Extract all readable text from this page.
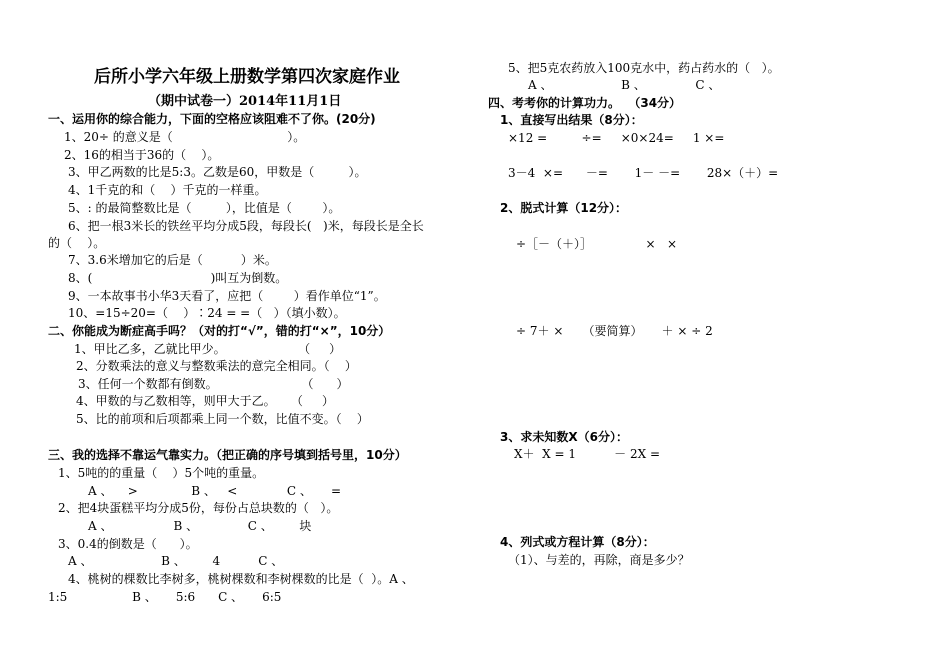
后所小学六年级上册数学第四次家庭作业
（期中试卷一）2014年11月1日
一、运用你的综合能力，下面的空格应该阻难不了你。(20分)
1、20÷ 的意义是（                              ）。
2、16的相当于36的（    ）。
3、甲乙两数的比是5:3。乙数是60，甲数是（         ）。
4、1千克的和（    ）千克的一样重。
5、: 的最简整数比是（         ），比值是（        ）。
6、把一根3米长的铁丝平均分成5段，每段长(   )米，每段长是全长
的（    ）。
7、3.6米增加它的后是（          ）米。
8、(                               )叫互为倒数。
9、一本故事书小华3天看了，应把（        ）看作单位“1”。
10、=15÷20=（    ）∶24 = =（   ）（填小数）。
二、你能成为断症高手吗？（对的打“√”，错的打“×”，10分）
1、甲比乙多，乙就比甲少。                   （     ）
2、分数乘法的意义与整数乘法的意完全相同。（    ）
3、任何一个数都有倒数。                      （      ）
4、甲数的与乙数相等，则甲大于乙。    （     ）
5、比的前项和后项都乘上同一个数，比值不变。（    ）
三、我的选择不靠运气靠实力。（把正确的序号填到括号里，10分）
1、5吨的的重量（    ）5个吨的重量。
A 、    >              B 、   <             C 、     =
2、把4块蛋糕平均分成5份，每份占总块数的（   ）。
A 、                B 、             C 、       块
3、0.4的倒数是（      ）。
A 、                  B 、       4          C 、
4、桃树的棵数比李树多，桃树棵数和李树棵数的比是（  ）。A 、
1:5                 B 、     5:6      C 、     6:5
5、把5克农药放入100克水中，药占药水的（   ）。
A 、                  B 、             C 、
四、考考你的计算功力。  （34分）
1、直接写出结果（8分）：
×12 =         ÷=     ×0×24=     1 ×=
3－4  ×=      －=       1－ －=       28×（＋）=
2、脱式计算（12分）：
÷［－（＋）］              ×   ×
÷ 7＋ ×     （要简算）     ＋ × ÷ 2
3、求未知数X（6分）：
X＋  X = 1          － 2X =
4、列式或方程计算（8分）：
（1）、与差的，再除，商是多少？
